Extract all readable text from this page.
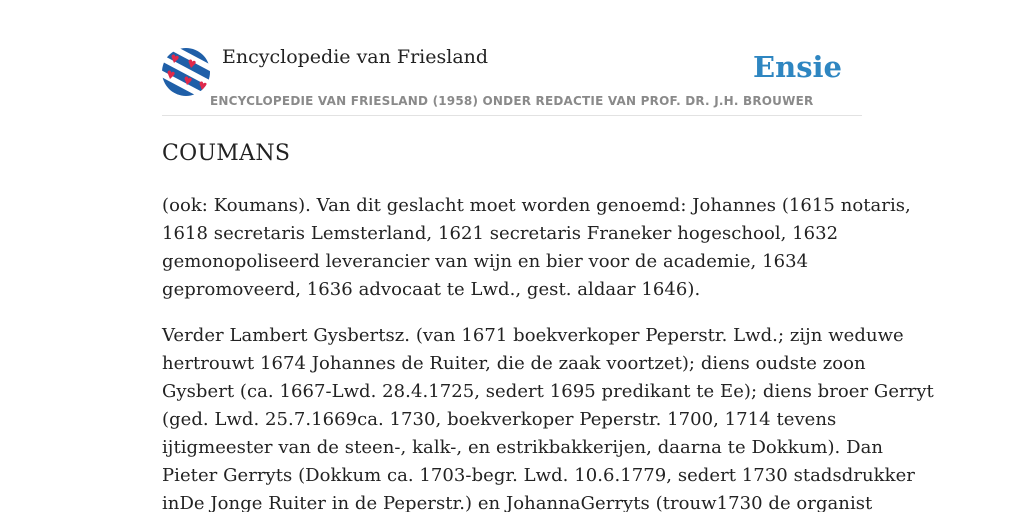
Encyclopedie van Friesland	Ensie
ENCYCLOPEDIE VAN FRIESLAND (1958) ONDER REDACTIE VAN PROF. DR. J.H. BROUWER
COUMANS

(ook: Koumans). Van dit geslacht moet worden genoemd: Johannes (1615 notaris,
1618 secretaris Lemsterland, 1621 secretaris Franeker hogeschool, 1632
gemonopoliseerd leverancier van wijn en bier voor de academie, 1634
gepromoveerd, 1636 advocaat te Lwd., gest. aldaar 1646).

Verder Lambert Gysbertsz. (van 1671 boekverkoper Peperstr. Lwd.; zijn weduwe
hertrouwt 1674 Johannes de Ruiter, die de zaak voortzet); diens oudste zoon
Gysbert (ca. 1667-Lwd. 28.4.1725, sedert 1695 predikant te Ee); diens broer Gerryt
(ged. Lwd. 25.7.1669ca. 1730, boekverkoper Peperstr. 1700, 1714 tevens
ijtigmeester van de steen-, kalk-, en estrikbakkerijen, daarna te Dokkum). Dan
Pieter Gerryts (Dokkum ca. 1703-begr. Lwd. 10.6.1779, sedert 1730 stadsdrukker
inDe Jonge Ruiter in de Peperstr.) en JohannaGerryts (trouw1730 de organist
